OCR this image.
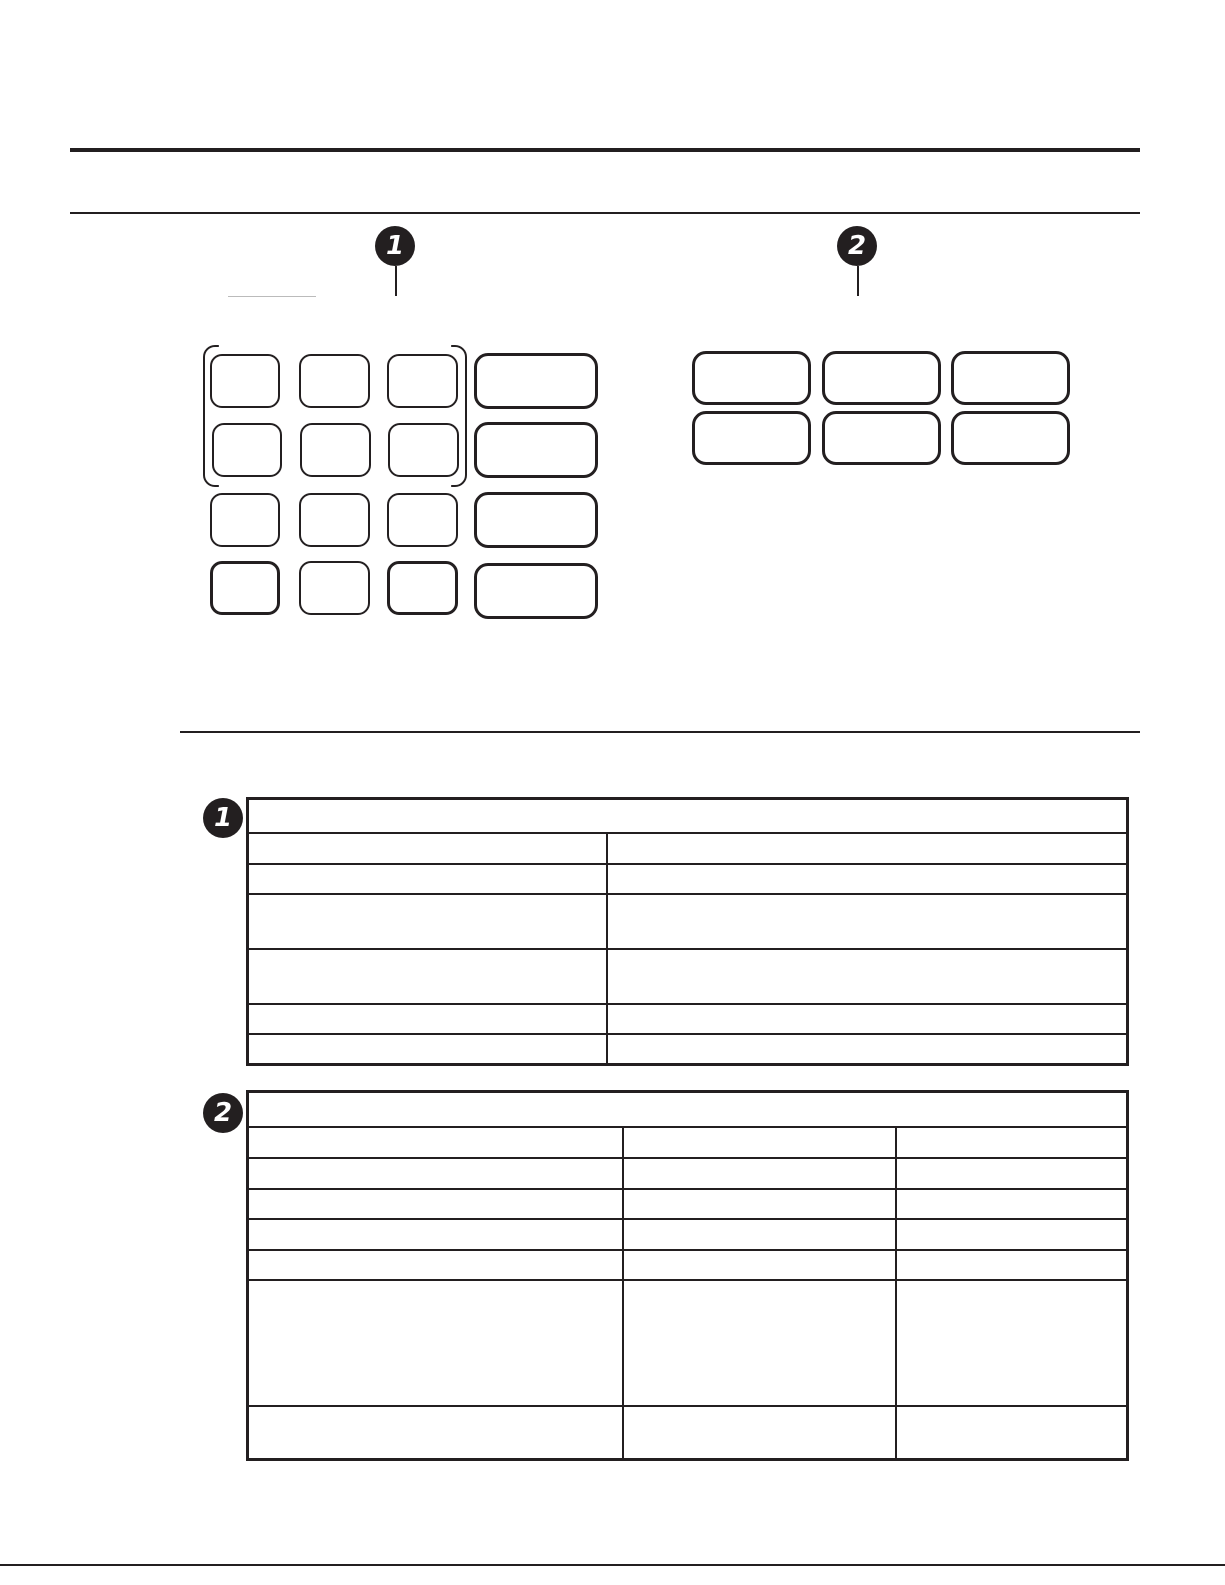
1	2
1

2
